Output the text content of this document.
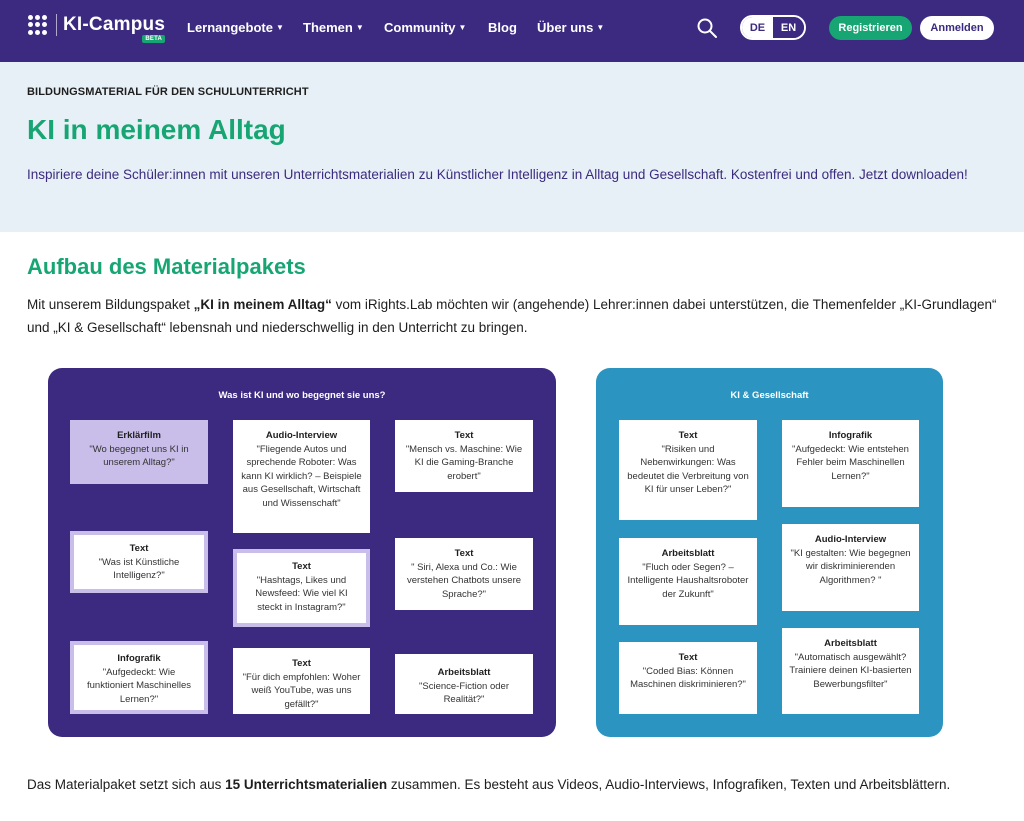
KI-Campus
BETA
Lernangebote ▼ Themen ▼ Community ▼ Blog Über uns ▼	DE	EN	Registrieren	Anmelden
BILDUNGSMATERIAL FÜR DEN SCHULUNTERRICHT
KI in meinem Alltag
Inspiriere deine Schüler:innen mit unseren Unterrichtsmaterialien zu Künstlicher Intelligenz in Alltag und Gesellschaft. Kostenfrei und offen. Jetzt downloaden!
Aufbau des Materialpakets

Mit unserem Bildungspaket „KI in meinem Alltag“ vom iRights.Lab möchten wir (angehende) Lehrer:innen dabei unterstützen, die Themenfelder „KI-Grundlagen“ und „KI & Gesellschaft“ lebensnah und niederschwellig in den Unterricht zu bringen.

Was ist KI und wo begegnet sie uns?
Erklärfilm
"Wo begegnet uns KI in unserem Alltag?"
Audio-Interview
"Fliegende Autos und sprechende Roboter: Was kann KI wirklich? – Beispiele aus Gesellschaft, Wirtschaft und Wissenschaft"
Text
"Mensch vs. Maschine: Wie KI die Gaming-Branche erobert"
Text
"Was ist Künstliche Intelligenz?"
Text
"Hashtags, Likes und Newsfeed: Wie viel KI steckt in Instagram?"
Text
" Siri, Alexa und Co.: Wie verstehen Chatbots unsere Sprache?"
Infografik
"Aufgedeckt: Wie funktioniert Maschinelles Lernen?"
Text
"Für dich empfohlen: Woher weiß YouTube, was uns gefällt?"
Arbeitsblatt
"Science-Fiction oder Realität?"
KI & Gesellschaft
Text
"Risiken und Nebenwirkungen: Was bedeutet die Verbreitung von KI für unser Leben?"
Infografik
"Aufgedeckt: Wie entstehen Fehler beim Maschinellen Lernen?"
Arbeitsblatt
"Fluch oder Segen? – Intelligente Haushaltsroboter der Zukunft"
Audio-Interview
"KI gestalten: Wie begegnen wir diskriminierenden Algorithmen? "
Text
"Coded Bias: Können Maschinen diskriminieren?"
Arbeitsblatt
"Automatisch ausgewählt? Trainiere deinen KI-basierten Bewerbungsfilter"

Das Materialpaket setzt sich aus 15 Unterrichtsmaterialien zusammen. Es besteht aus Videos, Audio-Interviews, Infografiken, Texten und Arbeitsblättern.
